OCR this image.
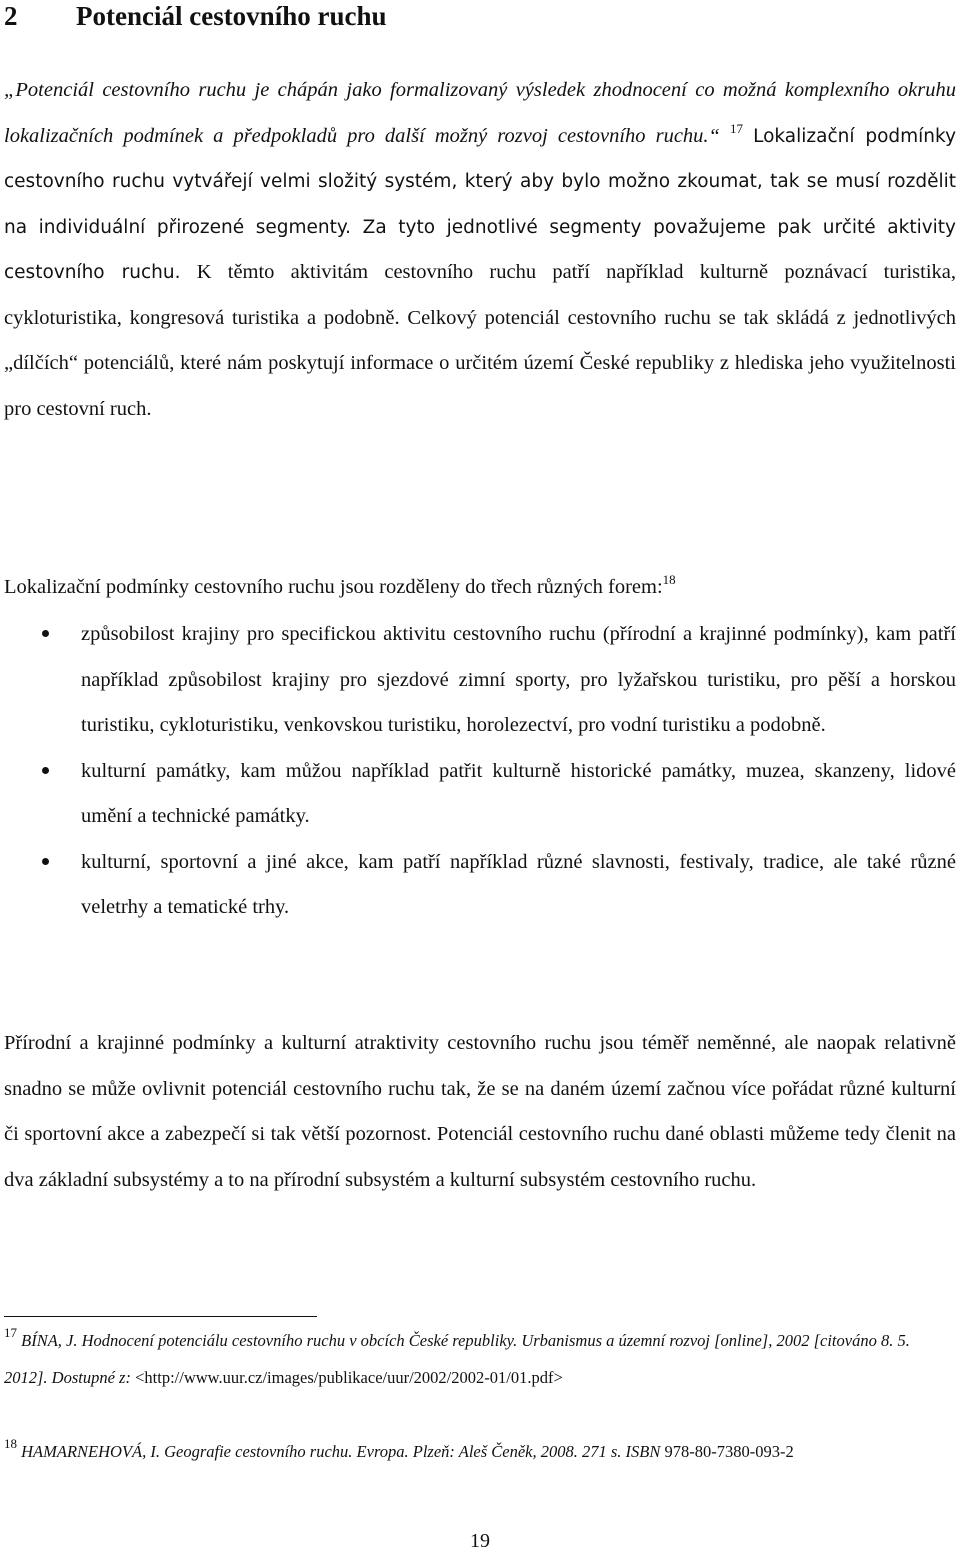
2 Potenciál cestovního ruchu
„Potenciál cestovního ruchu je chápán jako formalizovaný výsledek zhodnocení co možná komplexního okruhu lokalizačních podmínek a předpokladů pro další možný rozvoj cestovního ruchu.“ $^{17}$ Lokalizační podmínky cestovního ruchu vytvářejí velmi složitý systém, který aby bylo možno zkoumat, tak se musí rozdělit na individuální přirozené segmenty. Za tyto jednotlivé segmenty považujeme pak určité aktivity cestovního ruchu. K těmto aktivitám cestovního ruchu patří například kulturně poznávací turistika, cykloturistika, kongresová turistika a podobně. Celkový potenciál cestovního ruchu se tak skládá z jednotlivých „dílčích“ potenciálů, které nám poskytují informace o určitém území České republiky z hlediska jeho využitelnosti pro cestovní ruch.
Lokalizační podmínky cestovního ruchu jsou rozděleny do třech různých forem:$^{18}$
způsobilost krajiny pro specifickou aktivitu cestovního ruchu (přírodní a krajinné podmínky), kam patří například způsobilost krajiny pro sjezdové zimní sporty, pro lyžařskou turistiku, pro pěší a horskou turistiku, cykloturistiku, venkovskou turistiku, horolezectví, pro vodní turistiku a podobně.
kulturní památky, kam můžou například patřit kulturně historické památky, muzea, skanzeny, lidové umění a technické památky.
kulturní, sportovní a jiné akce, kam patří například různé slavnosti, festivaly, tradice, ale také různé veletrhy a tematické trhy.
Přírodní a krajinné podmínky a kulturní atraktivity cestovního ruchu jsou téměř neměnné, ale naopak relativně snadno se může ovlivnit potenciál cestovního ruchu tak, že se na daném území začnou více pořádat různé kulturní či sportovní akce a zabezpečí si tak větší pozornost. Potenciál cestovního ruchu dané oblasti můžeme tedy členit na dva základní subsystémy a to na přírodní subsystém a kulturní subsystém cestovního ruchu.
$^{17}$ BÍNA, J. Hodnocení potenciálu cestovního ruchu v obcích České republiky. Urbanismus a územní rozvoj [online], 2002 [citováno 8. 5. 2012]. Dostupné z: <http://www.uur.cz/images/publikace/uur/2002/2002-01/01.pdf>
$^{18}$ HAMARNEHOVÁ, I. Geografie cestovního ruchu. Evropa. Plzeň: Aleš Čeněk, 2008. 271 s. ISBN 978-80-7380-093-2
19
